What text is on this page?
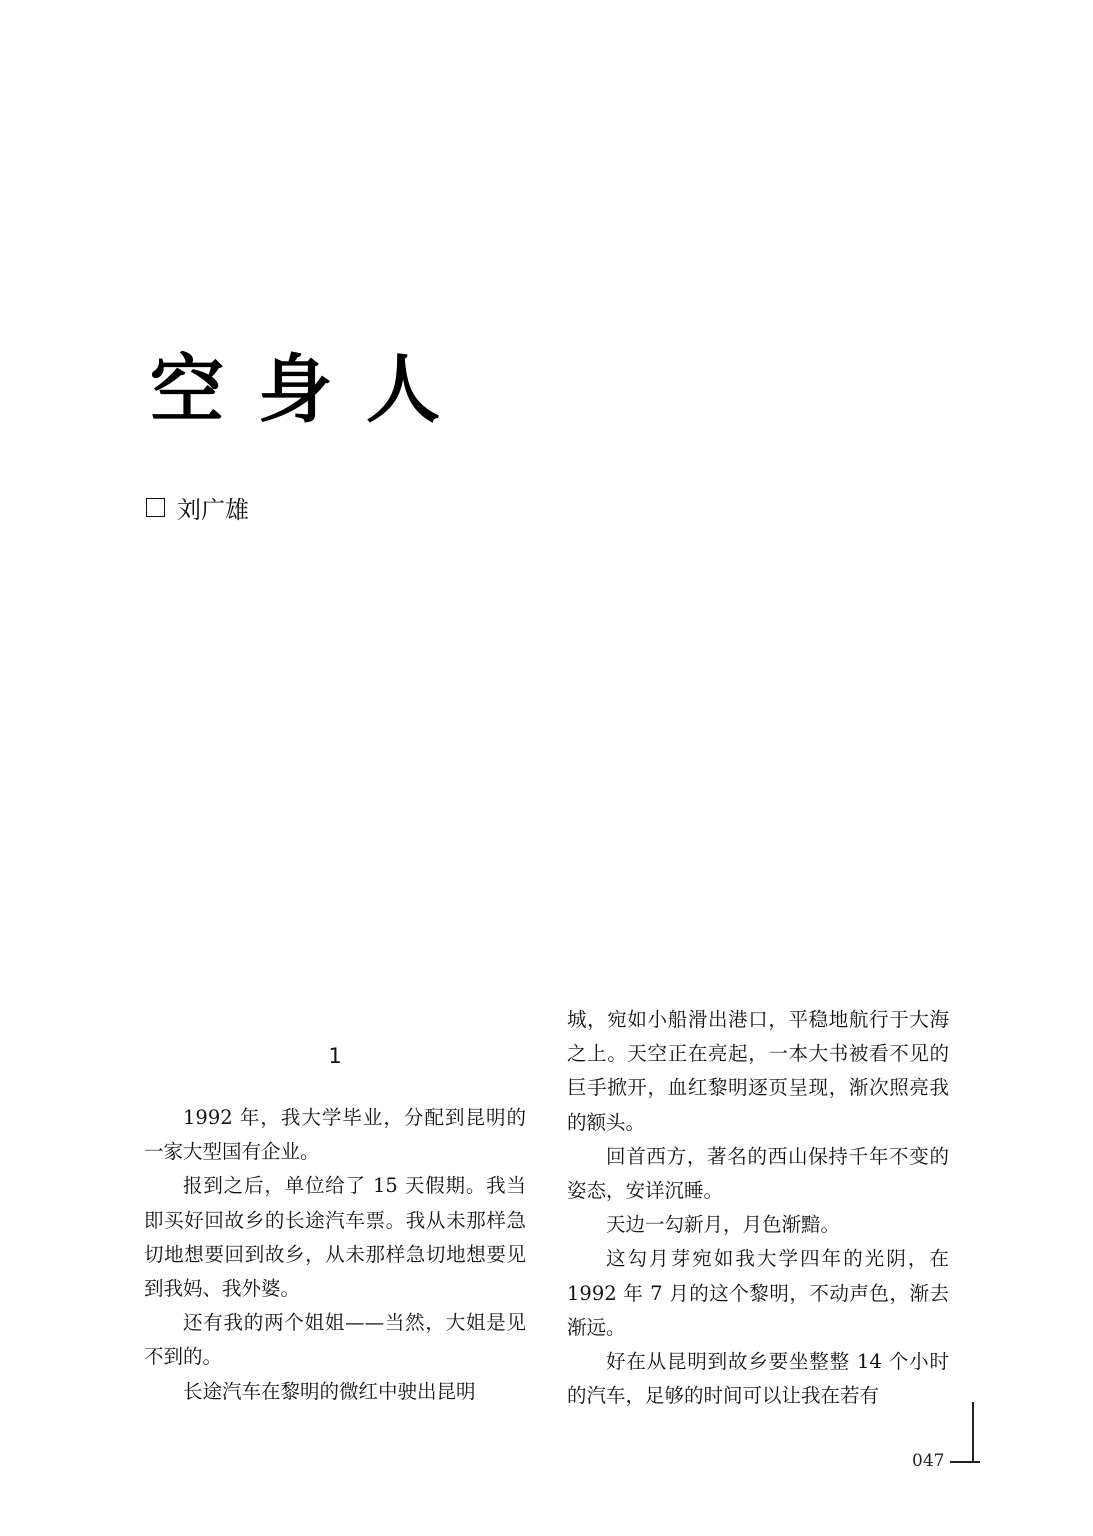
空身人
刘广雄
1

1992 年，我大学毕业，分配到昆明的一家大型国有企业。

报到之后，单位给了 15 天假期。我当即买好回故乡的长途汽车票。我从未那样急切地想要回到故乡，从未那样急切地想要见到我妈、我外婆。

还有我的两个姐姐——当然，大姐是见不到的。

长途汽车在黎明的微红中驶出昆明

城，宛如小船滑出港口，平稳地航行于大海之上。天空正在亮起，一本大书被看不见的巨手掀开，血红黎明逐页呈现，渐次照亮我的额头。

回首西方，著名的西山保持千年不变的姿态，安详沉睡。

天边一勾新月，月色渐黯。

这勾月芽宛如我大学四年的光阴，在 1992 年 7 月的这个黎明，不动声色，渐去渐远。

好在从昆明到故乡要坐整整 14 个小时的汽车，足够的时间可以让我在若有

047
